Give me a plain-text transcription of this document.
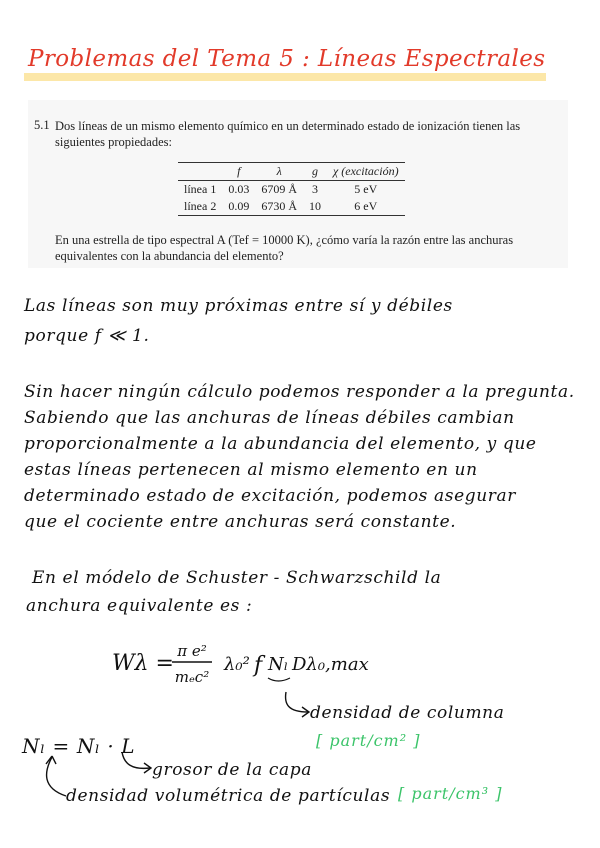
Problemas del Tema 5 : Líneas Espectrales
5.1 Dos líneas de un mismo elemento químico en un determinado estado de ionización tienen las siguientes propiedades:
	f	λ	g	χ (excitación)
línea 1	0.03	6709 Å	3	5 eV
línea 2	0.09	6730 Å	10	6 eV
En una estrella de tipo espectral A (Tef = 10000 K), ¿cómo varía la razón entre las anchuras equivalentes con la abundancia del elemento?
Las líneas son muy próximas entre sí y débiles
porque f ≪ 1.
Sin hacer ningún cálculo podemos responder a la pregunta.
Sabiendo que las anchuras de líneas débiles cambian
proporcionalmente a la abundancia del elemento, y que
estas líneas pertenecen al mismo elemento en un
determinado estado de excitación, podemos asegurar
que el cociente entre anchuras será constante.
En el módelo de Schuster - Schwarzschild la
anchura equivalente es :
Wλ = π e²
mₑc²
λ₀² f Nₗ Dλ₀,max
densidad de columna
[ part/cm² ]
Nₗ = Nₗ · L
grosor de la capa
densidad volumétrica de partículas [ part/cm³ ]
